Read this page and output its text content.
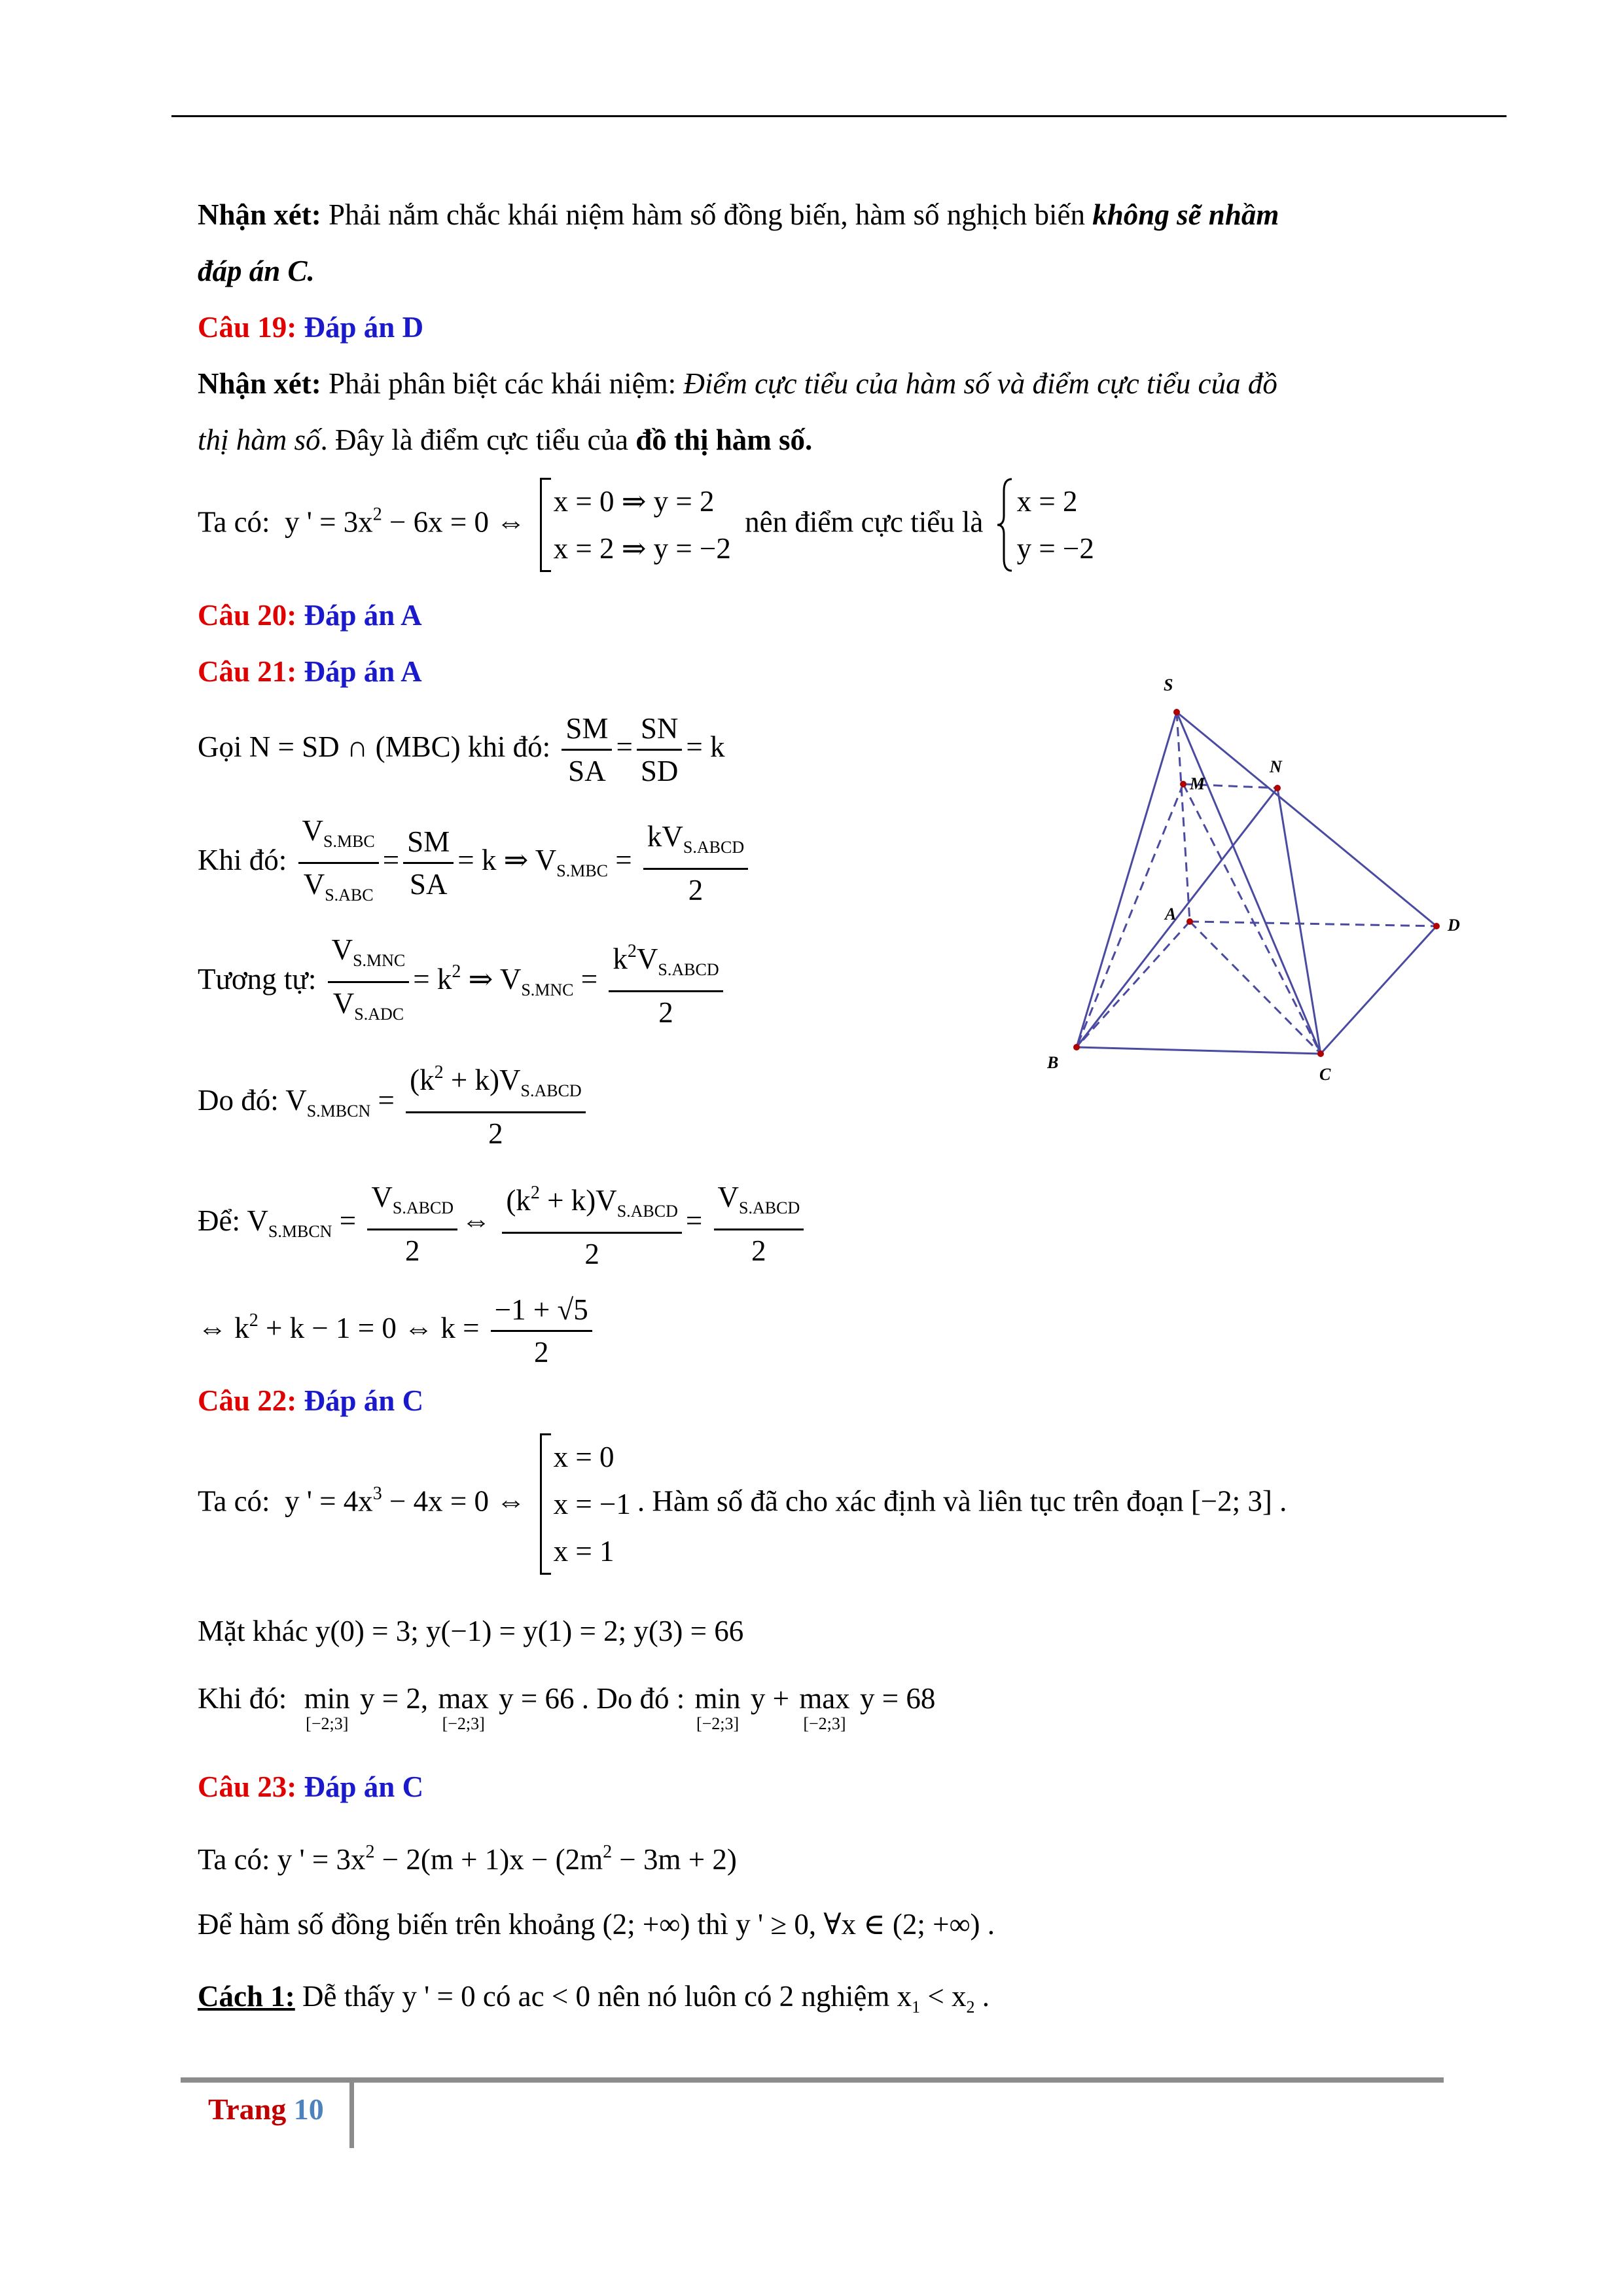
Nhận xét: Phải nắm chắc khái niệm hàm số đồng biến, hàm số nghịch biến không sẽ nhầm
đáp án C.
Câu 19: Đáp án D
Nhận xét: Phải phân biệt các khái niệm: Điểm cực tiểu của hàm số và điểm cực tiểu của đồ
thị hàm số. Đây là điểm cực tiểu của đồ thị hàm số.
Ta có: y ' = $3x^2 - 6x = 0$ ⇔
x = 0 ⇒ y = 2
x = 2 ⇒ y = −2
nên điểm cực tiểu là
x = 2
y = −2
Câu 20: Đáp án A
Câu 21: Đáp án A
Gọi N = SD ∩ (MBC) khi đó: $\frac{SM}{SA} = \frac{SN}{SD} = k$
Khi đó: $\frac{V_{S.MBC}}{V_{S.ABC}} = \frac{SM}{SA} = k$ ⇒ $V_{S.MBC} = \frac{kV_{S.ABCD}}{2}$
Tương tự: $\frac{V_{S.MNC}}{V_{S.ADC}} = k^2$ ⇒ $V_{S.MNC} = \frac{k^2V_{S.ABCD}}{2}$
Do đó: $V_{S.MBCN} = \frac{(k^2 + k)V_{S.ABCD}}{2}$
Để: $V_{S.MBCN} = \frac{V_{S.ABCD}}{2}$ ⇔ $\frac{(k^2 + k)V_{S.ABCD}}{2} = \frac{V_{S.ABCD}}{2}$
⇔ $k^2 + k - 1 = 0$ ⇔ $k = \frac{-1 + √5}{2}$
S
N
M
A
D
B
C
Câu 22: Đáp án C
Ta có: y ' = $4x^3 - 4x = 0$ ⇔
x = 0
x = −1
x = 1
. Hàm số đã cho xác định và liên tục trên đoạn [−2; 3] .
Mặt khác y(0) = 3; y(−1) = y(1) = 2; y(3) = 66
Khi đó: min
[−2;3]
y = 2, max
[−2;3]
y = 66 . Do đó : min
[−2;3]
y + max
[−2;3]
y = 68
Câu 23: Đáp án C
Ta có: y ' = $3x^2 - 2(m + 1)x - (2m^2 - 3m + 2)$
Để hàm số đồng biến trên khoảng (2; +∞) thì y ' ≥ 0, ∀x ∈ (2; +∞) .
Cách 1: Dễ thấy y ' = 0 có ac < 0 nên nó luôn có 2 nghiệm $x_1 < x_2$ .
Trang 10
